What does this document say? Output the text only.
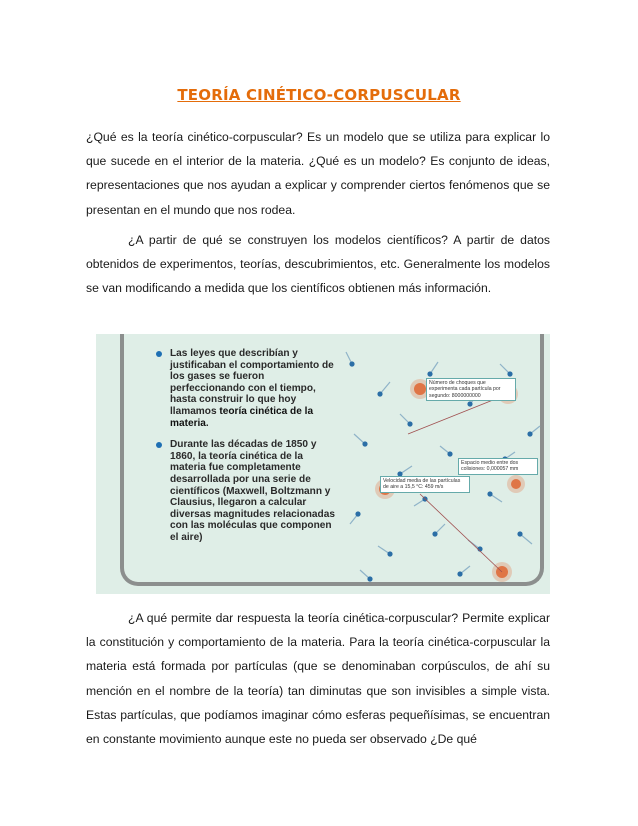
TEORÍA CINÉTICO-CORPUSCULAR

¿Qué es la teoría cinético-corpuscular? Es un modelo que se utiliza para explicar lo que sucede en el interior de la materia. ¿Qué es un modelo? Es conjunto de ideas, representaciones que nos ayudan a explicar y comprender ciertos fenómenos que se presentan en el mundo que nos rodea.

¿A partir de qué se construyen los modelos científicos? A partir de datos obtenidos de experimentos, teorías, descubrimientos, etc. Generalmente los modelos se van modificando a medida que los científicos obtienen más información.

Las leyes que describían y justificaban el comportamiento de los gases se fueron perfeccionando con el tiempo, hasta construir lo que hoy llamamos teoría cinética de la materia.
Durante las décadas de 1850 y 1860, la teoría cinética de la materia fue completamente desarrollada por una serie de científicos (Maxwell, Boltzmann y Clausius, llegaron a calcular diversas magnitudes relacionadas con las moléculas que componen el aire)
Número de choques que experimenta cada partícula por segundo: 8000000000
Espacio medio entre dos colisiones: 0,000057 mm
Velocidad media de las partículas de aire a 15,5 °C: 459 m/s

¿A qué permite dar respuesta la teoría cinética-corpuscular? Permite explicar la constitución y comportamiento de la materia. Para la teoría cinética-corpuscular la materia está formada por partículas (que se denominaban corpúsculos, de ahí su mención en el nombre de la teoría) tan diminutas que son invisibles a simple vista. Estas partículas, que podíamos imaginar cómo esferas pequeñísimas, se encuentran en constante movimiento aunque este no pueda ser observado ¿De qué
